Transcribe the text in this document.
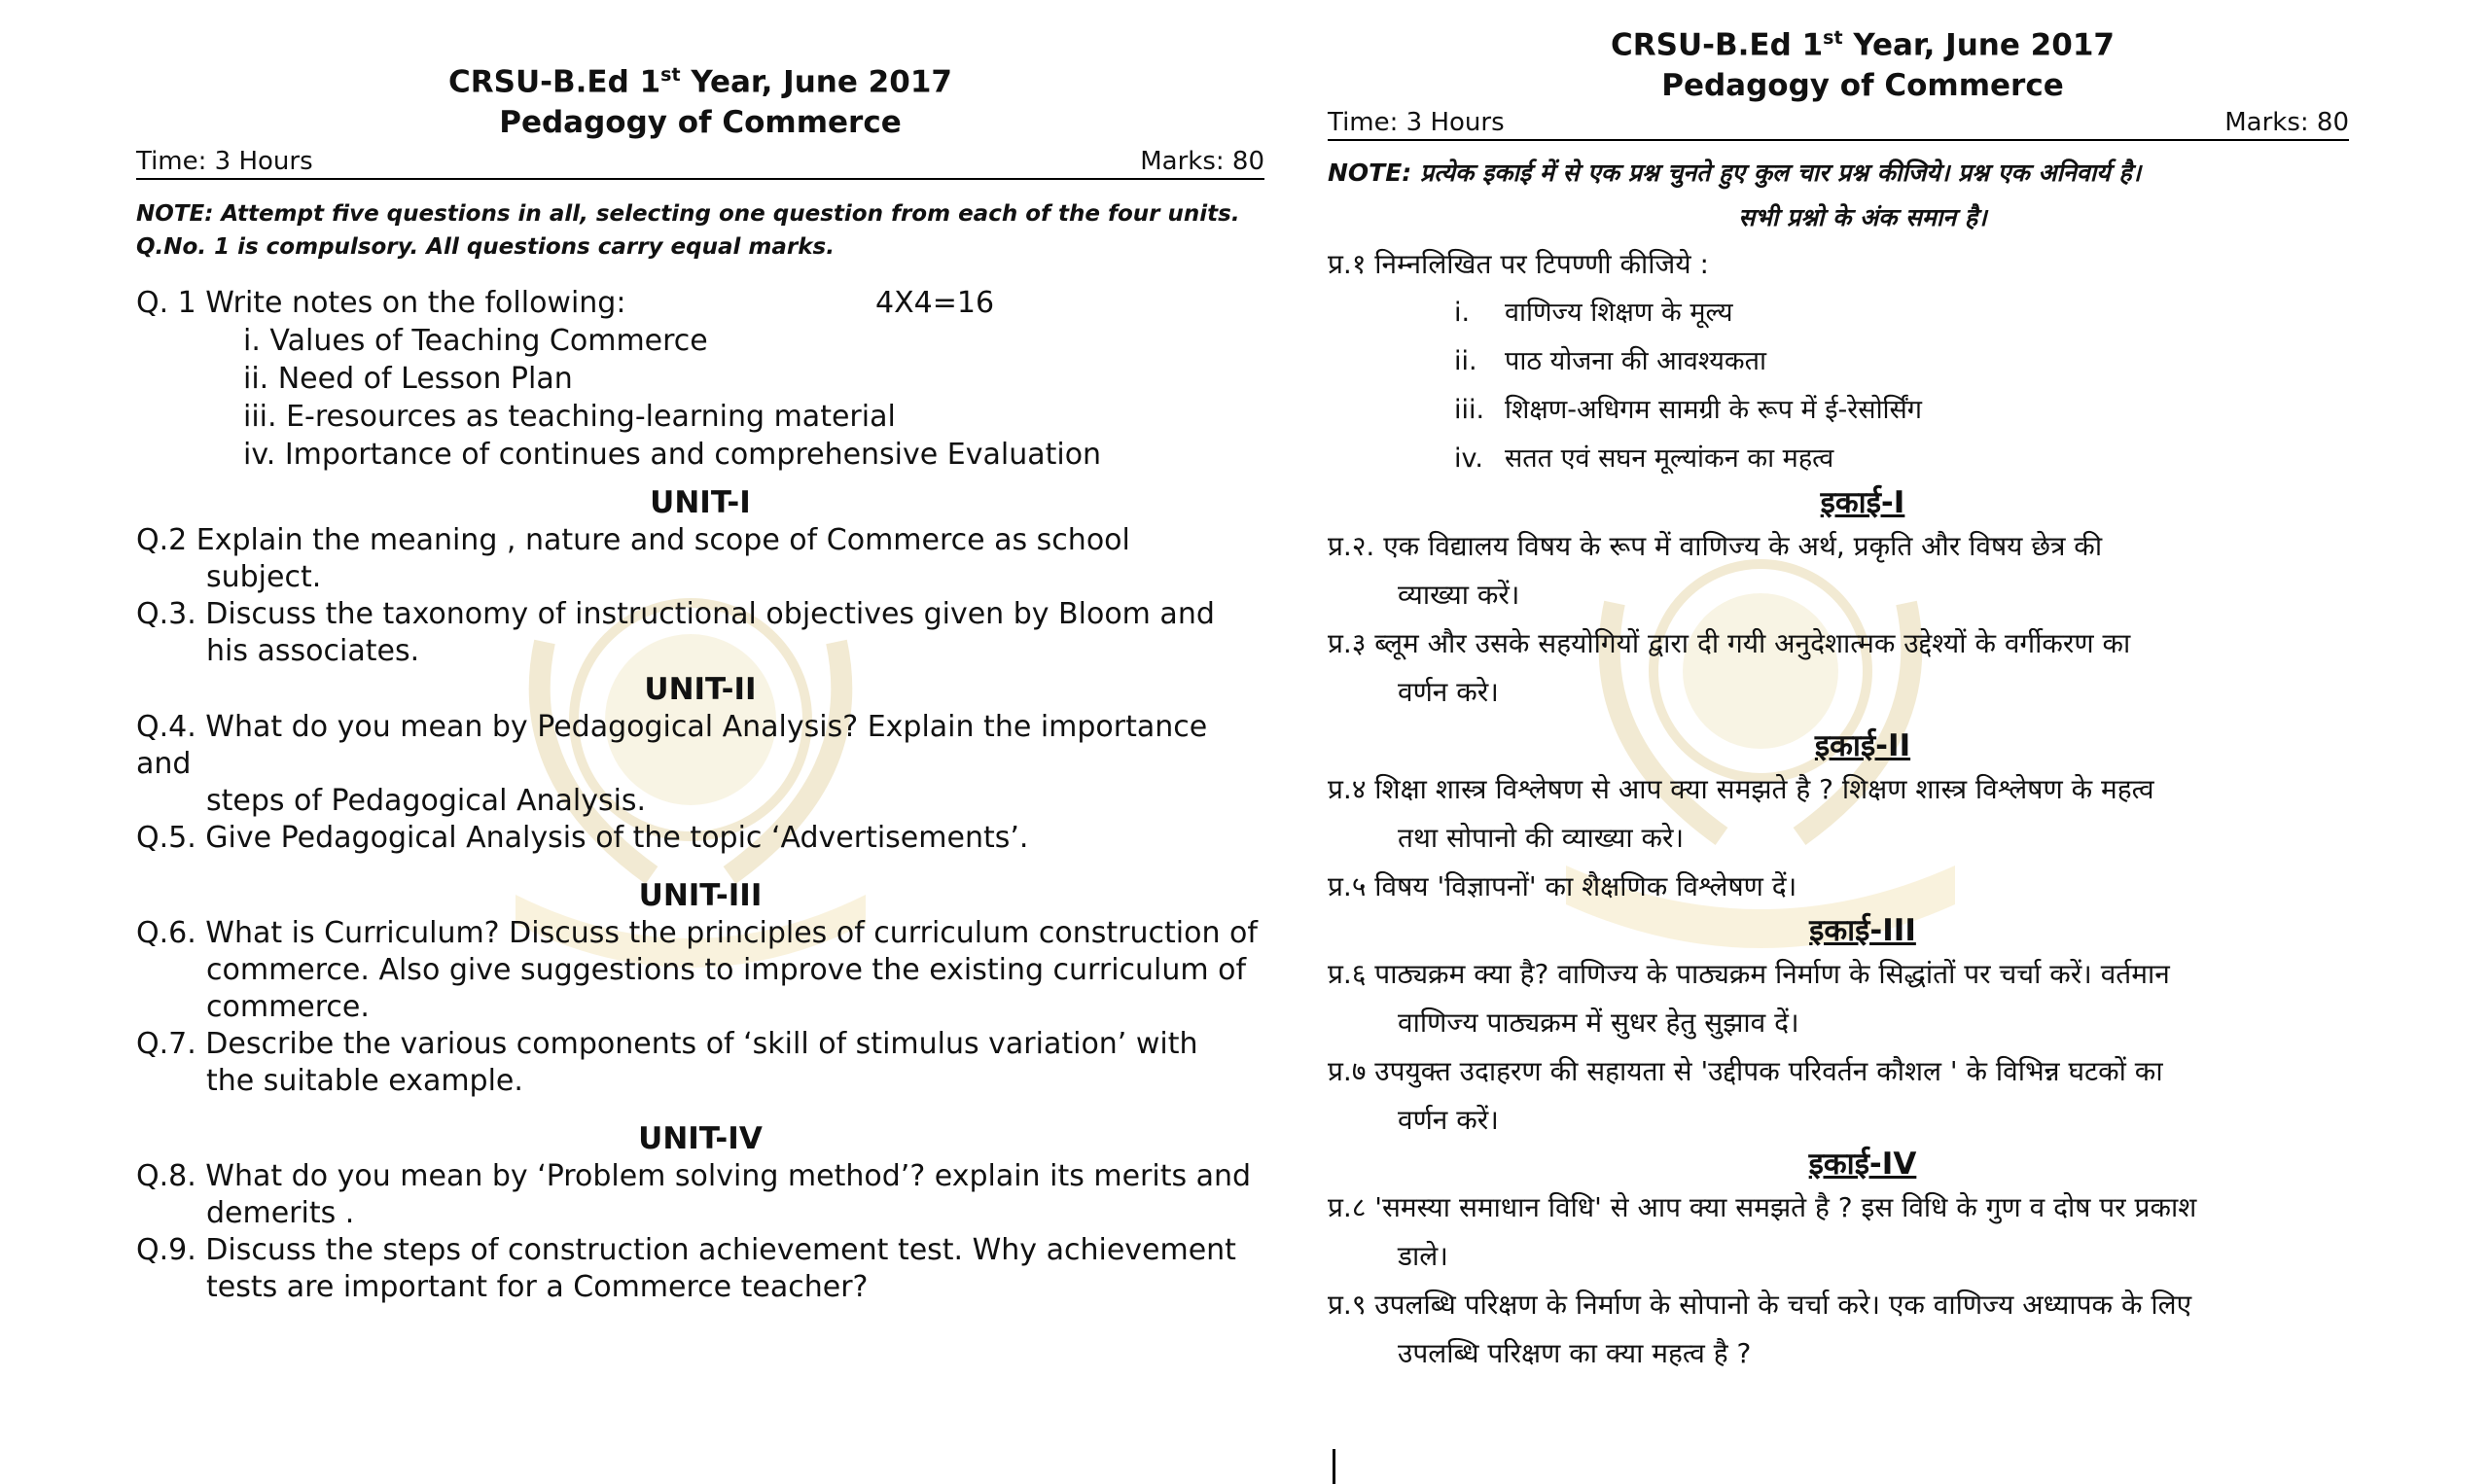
CRSU-B.Ed 1st Year, June 2017
Pedagogy of Commerce
Time: 3 Hours	Marks: 80
NOTE: Attempt five questions in all, selecting one question from each of the four units.
Q.No. 1 is compulsory. All questions carry equal marks.
Q. 1 Write notes on the following:	4X4=16
i. Values of Teaching Commerce
ii. Need of Lesson Plan
iii. E-resources as teaching-learning material
iv. Importance of continues and comprehensive Evaluation
UNIT-I
Q.2 Explain the meaning , nature and scope of Commerce as school
subject.
Q.3. Discuss the taxonomy of instructional objectives given by Bloom and
his associates.
UNIT-II
Q.4. What do you mean by Pedagogical Analysis? Explain the importance and
steps of Pedagogical Analysis.
Q.5. Give Pedagogical Analysis of the topic ‘Advertisements’.
UNIT-III
Q.6. What is Curriculum? Discuss the principles of curriculum construction of
commerce. Also give suggestions to improve the existing curriculum of
commerce.
Q.7. Describe the various components of ‘skill of stimulus variation’ with
the suitable example.
UNIT-IV
Q.8. What do you mean by ‘Problem solving method’? explain its merits and
demerits .
Q.9. Discuss the steps of construction achievement test. Why achievement
tests are important for a Commerce teacher?
CRSU-B.Ed 1st Year, June 2017
Pedagogy of Commerce
Time: 3 Hours	Marks: 80
NOTE: प्रत्येक इकाई में से एक प्रश्न चुनते हुए कुल चार प्रश्न कीजिये। प्रश्न एक अनिवार्य है।
सभी प्रश्नो के अंक समान है।
प्र.१ निम्नलिखित पर टिपण्णी कीजिये :
i. वाणिज्य शिक्षण के मूल्य
ii. पाठ योजना की आवश्यकता
iii. शिक्षण-अधिगम सामग्री के रूप में ई-रेसोर्सिंग
iv. सतत एवं सघन मूल्यांकन का महत्व
इकाई-I
प्र.२. एक विद्यालय विषय के रूप में वाणिज्य के अर्थ, प्रकृति और विषय छेत्र की
व्याख्या करें।
प्र.३ ब्लूम और उसके सहयोगियों द्वारा दी गयी अनुदेशात्मक उद्देश्यों के वर्गीकरण का
वर्णन करे।
इकाई-II
प्र.४ शिक्षा शास्त्र विश्लेषण से आप क्या समझते है ? शिक्षण शास्त्र विश्लेषण के महत्व
तथा सोपानो की व्याख्या करे।
प्र.५ विषय 'विज्ञापनों' का शैक्षणिक विश्लेषण दें।
इकाई-III
प्र.६ पाठ्यक्रम क्या है? वाणिज्य के पाठ्यक्रम निर्माण के सिद्धांतों पर चर्चा करें। वर्तमान
वाणिज्य पाठ्यक्रम में सुधर हेतु सुझाव दें।
प्र.७ उपयुक्त उदाहरण की सहायता से 'उद्दीपक परिवर्तन कौशल ' के विभिन्न घटकों का
वर्णन करें।
इकाई-IV
प्र.८ 'समस्या समाधान विधि' से आप क्या समझते है ? इस विधि के गुण व दोष पर प्रकाश
डाले।
प्र.९ उपलब्धि परिक्षण के निर्माण के सोपानो के चर्चा करे। एक वाणिज्य अध्यापक के लिए
उपलब्धि परिक्षण का क्या महत्व है ?
